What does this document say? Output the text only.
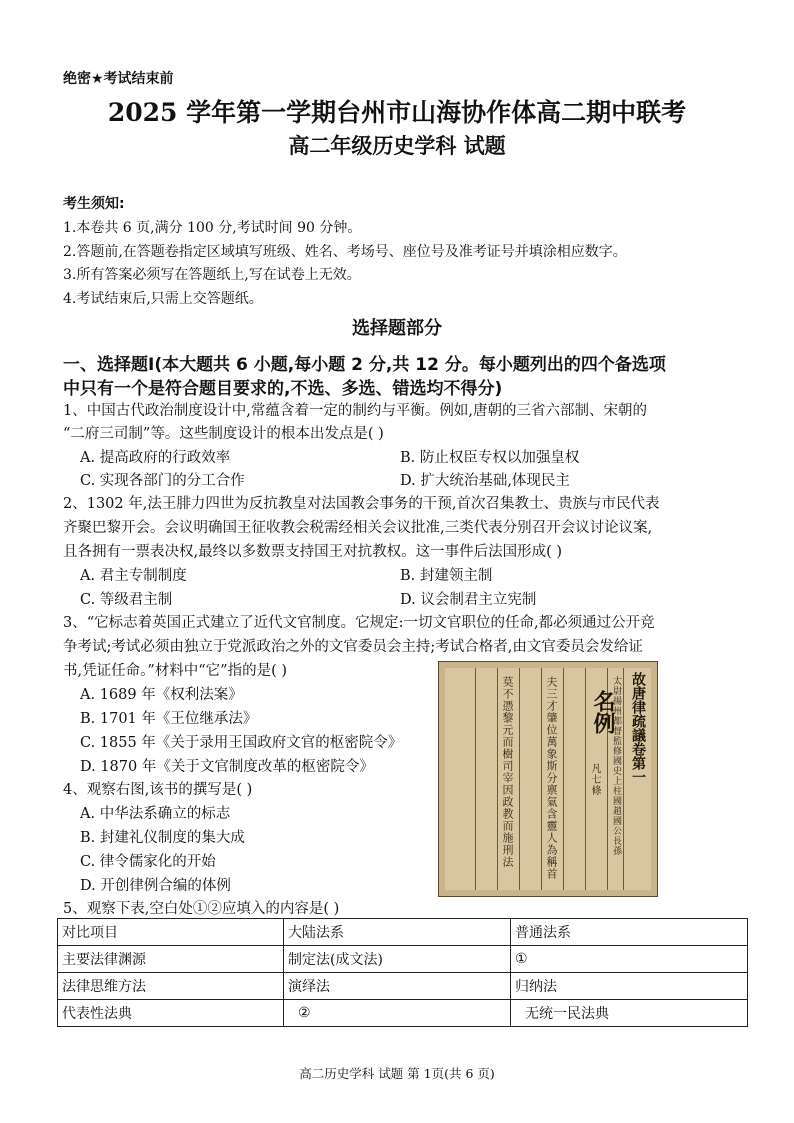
绝密★考试结束前
2025 学年第一学期台州市山海协作体高二期中联考
高二年级历史学科 试题
考生须知:
1.本卷共 6 页,满分 100 分,考试时间 90 分钟。
2.答题前,在答题卷指定区域填写班级、姓名、考场号、座位号及准考证号并填涂相应数字。
3.所有答案必须写在答题纸上,写在试卷上无效。
4.考试结束后,只需上交答题纸。
选择题部分
一、选择题Ⅰ(本大题共 6 小题,每小题 2 分,共 12 分。每小题列出的四个备选项
中只有一个是符合题目要求的,不选、多选、错选均不得分)
1、中国古代政治制度设计中,常蕴含着一定的制约与平衡。例如,唐朝的三省六部制、宋朝的
“二府三司制”等。这些制度设计的根本出发点是( )
A. 提高政府的行政效率	B. 防止权臣专权以加强皇权
C. 实现各部门的分工合作	D. 扩大统治基础,体现民主
2、1302 年,法王腓力四世为反抗教皇对法国教会事务的干预,首次召集教士、贵族与市民代表
齐聚巴黎开会。会议明确国王征收教会税需经相关会议批准,三类代表分别召开会议讨论议案,
且各拥有一票表决权,最终以多数票支持国王对抗教权。这一事件后法国形成( )
A. 君主专制制度	B. 封建领主制
C. 等级君主制	D. 议会制君主立宪制
3、“它标志着英国正式建立了近代文官制度。它规定:一切文官职位的任命,都必须通过公开竞
争考试;考试必须由独立于党派政治之外的文官委员会主持;考试合格者,由文官委员会发给证
书,凭证任命。”材料中“它”指的是( )
A. 1689 年《权利法案》
B. 1701 年《王位继承法》
C. 1855 年《关于录用王国政府文官的枢密院令》
D. 1870 年《关于文官制度改革的枢密院令》
4、观察右图,该书的撰写是( )
A. 中华法系确立的标志
B. 封建礼仪制度的集大成
C. 律令儒家化的开始
D. 开创律例合编的体例
故唐律疏議卷第一
太尉揚州都督監修國史上柱國趙國公長孫
名例
凡七條
夫三才肇位萬象斯分禀氣含靈人為稱首
莫不憑黎元而樹司宰因政教而施刑法
5、观察下表,空白处①②应填入的内容是( )
对比项目	大陆法系	普通法系
主要法律渊源	制定法(成文法)	①
法律思维方法	演绎法	归纳法
代表性法典	②	无统一民法典
高二历史学科 试题 第 1页(共 6 页)
